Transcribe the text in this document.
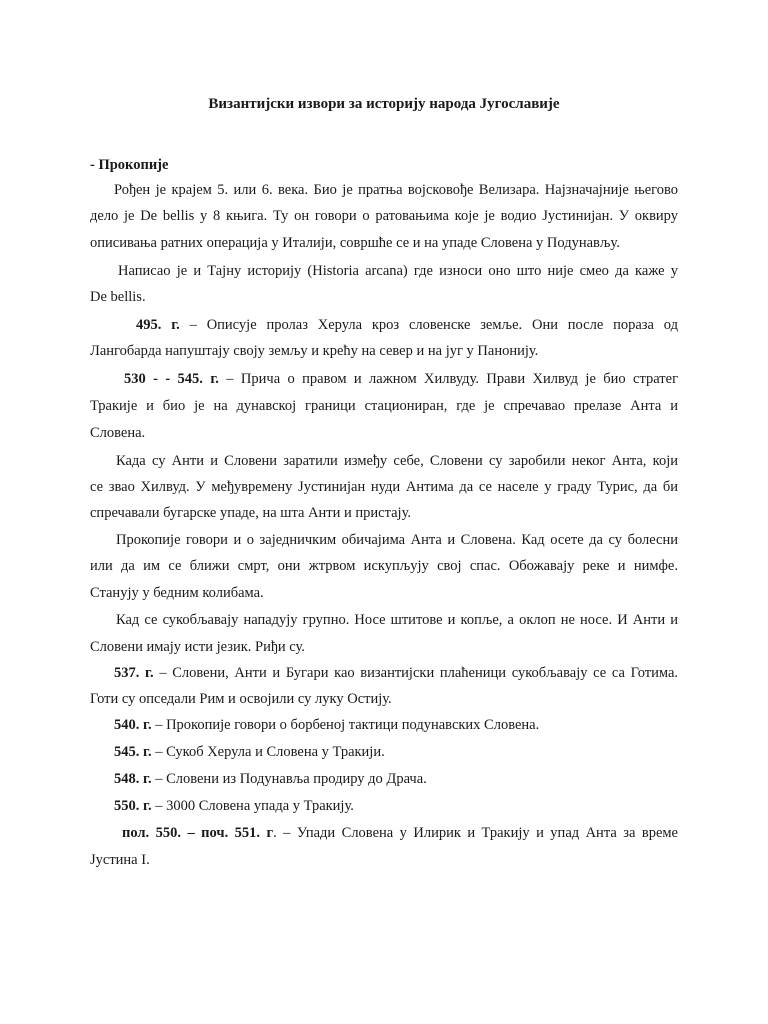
Византијски извори за историју народа Југославије
- Прокопије
Рођен је крајем 5. или 6. века. Био је пратња војсковође Велизара. Најзначајније његово
дело је De bellis у 8 књига. Ту он говори о ратовањима које је водио Јустинијан. У оквиру
описивања ратних операција у Италији, совршће се и на упаде Словена у Подунављу.
Написао је и Тајну историју (Historia arcana) где износи оно што није смео да каже у
De bellis.
495. г. – Описује пролаз Херула кроз словенске земље. Они после пораза од
Лангобарда напуштају своју земљу и крећу на север и на југ у Панонију.
530 - - 545. г. – Прича о правом и лажном Хилвуду. Прави Хилвуд је био стратег
Тракије и био је на дунавској граници стациониран, где је спречавао прелазе Анта и
Словена.
Када су Анти и Словени заратили између себе, Словени су заробили неког Анта, који
се звао Хилвуд. У међувремену Јустинијан нуди Антима да се населе у граду Турис, да би
спречавали бугарске упаде, на шта Анти и пристају.
Прокопије говори и о заједничким обичајима Анта и Словена. Кад осете да су болесни
или да им се ближи смрт, они жтрвом искупљују свој спас. Обожавају реке и нимфе.
Станују у бедним колибама.
Кад се сукобљавају нападују групно. Носе штитове и копље, а оклоп не носе. И Анти и
Словени имају исти језик. Риђи су.
537. г. – Словени, Анти и Бугари као византијски плаћеници сукобљавају се са Готима.
Готи су опседали Рим и освојили су луку Остију.
540. г. – Прокопије говори о борбеној тактици подунавских Словена.
545. г. – Сукоб Херула и Словена у Тракији.
548. г. – Словени из Подунавља продиру до Драча.
550. г. – 3000 Словена упада у Тракију.
пол. 550. – поч. 551. г. – Упади Словена у Илирик и Тракију и упад Анта за време
Јустина I.
